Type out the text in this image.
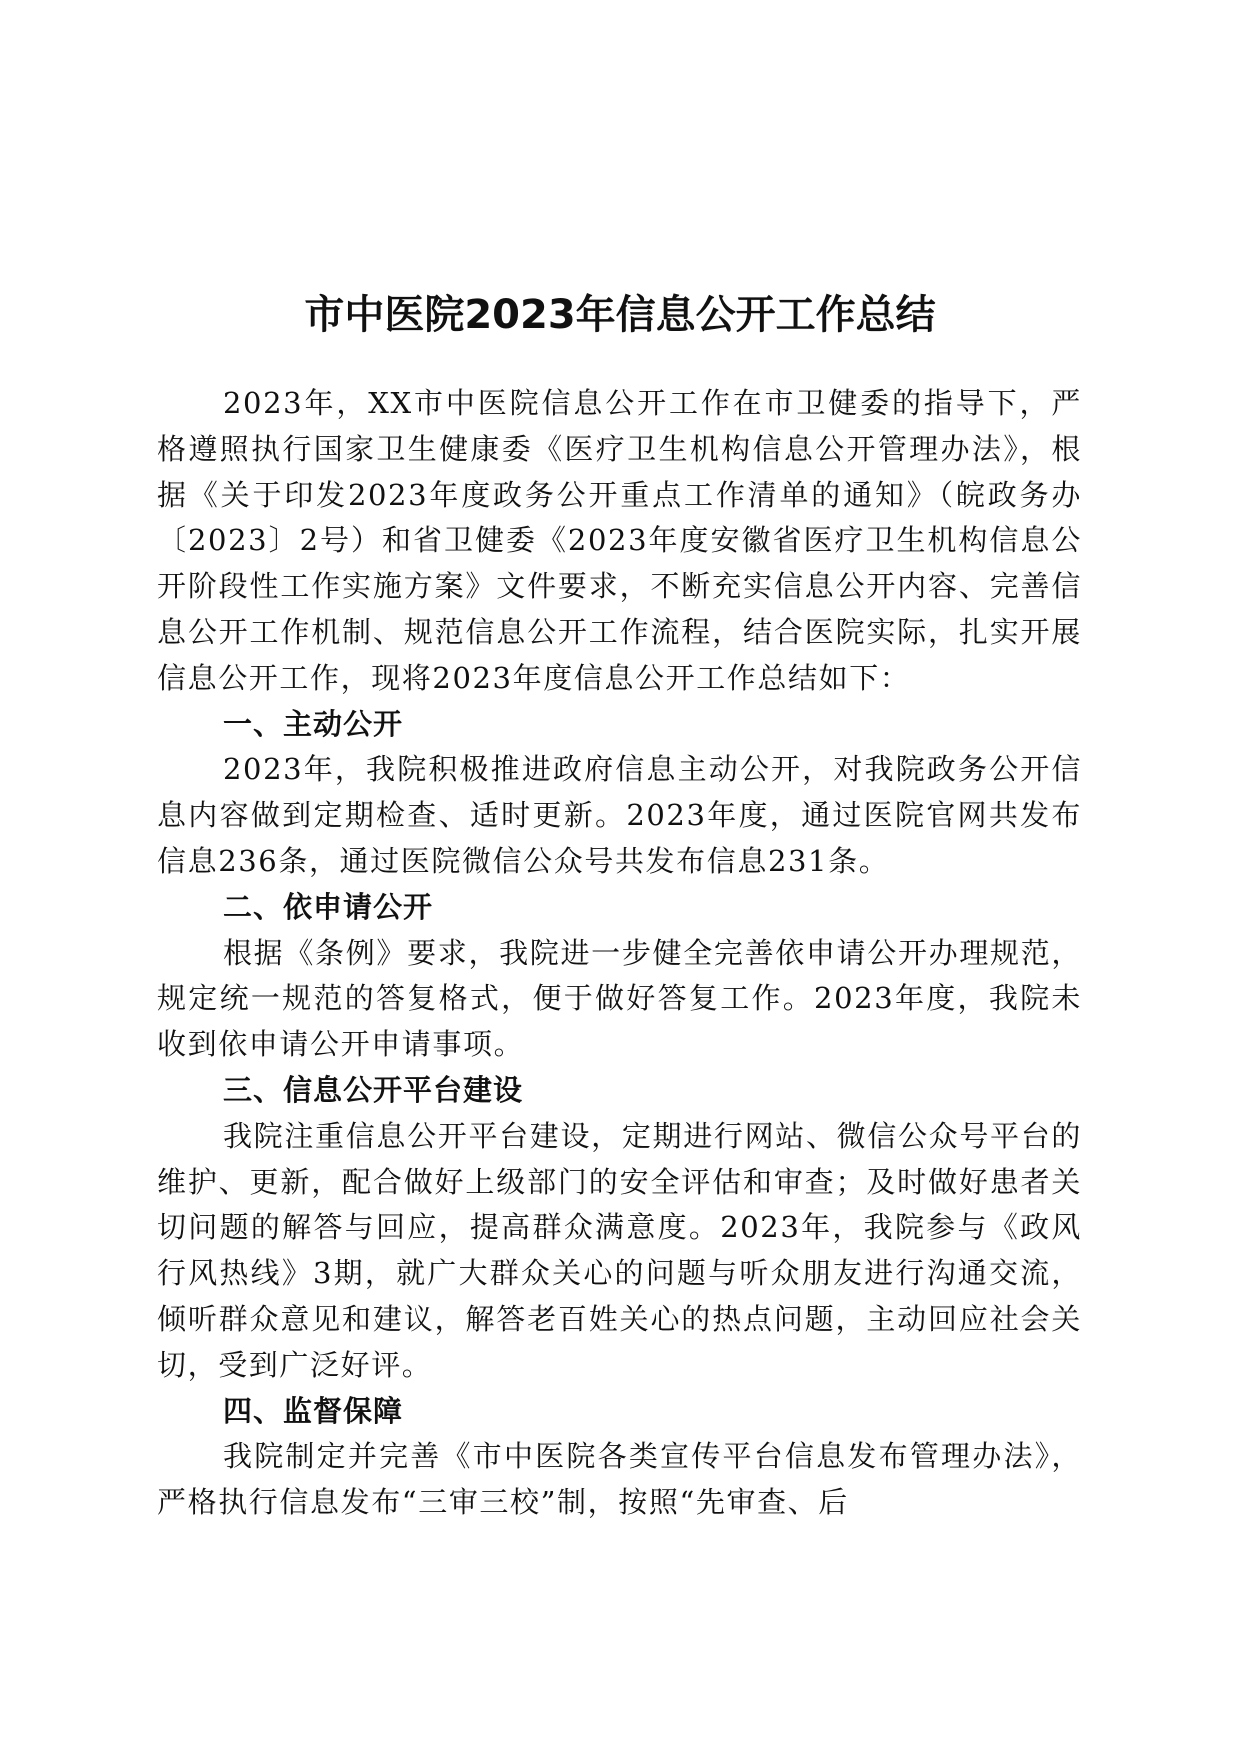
市中医院2023年信息公开工作总结

2023年，XX市中医院信息公开工作在市卫健委的指导下，严格遵照执行国家卫生健康委《医疗卫生机构信息公开管理办法》，根据《关于印发2023年度政务公开重点工作清单的通知》（皖政务办〔2023〕2号）和省卫健委《2023年度安徽省医疗卫生机构信息公开阶段性工作实施方案》文件要求，不断充实信息公开内容、完善信息公开工作机制、规范信息公开工作流程，结合医院实际，扎实开展信息公开工作，现将2023年度信息公开工作总结如下：

一、主动公开

2023年，我院积极推进政府信息主动公开，对我院政务公开信息内容做到定期检查、适时更新。2023年度，通过医院官网共发布信息236条，通过医院微信公众号共发布信息231条。

二、依申请公开

根据《条例》要求，我院进一步健全完善依申请公开办理规范，规定统一规范的答复格式，便于做好答复工作。2023年度，我院未收到依申请公开申请事项。

三、信息公开平台建设

我院注重信息公开平台建设，定期进行网站、微信公众号平台的维护、更新，配合做好上级部门的安全评估和审查；及时做好患者关切问题的解答与回应，提高群众满意度。2023年，我院参与《政风行风热线》3期，就广大群众关心的问题与听众朋友进行沟通交流，倾听群众意见和建议，解答老百姓关心的热点问题，主动回应社会关切，受到广泛好评。

四、监督保障

我院制定并完善《市中医院各类宣传平台信息发布管理办法》，严格执行信息发布“三审三校”制，按照“先审查、后
